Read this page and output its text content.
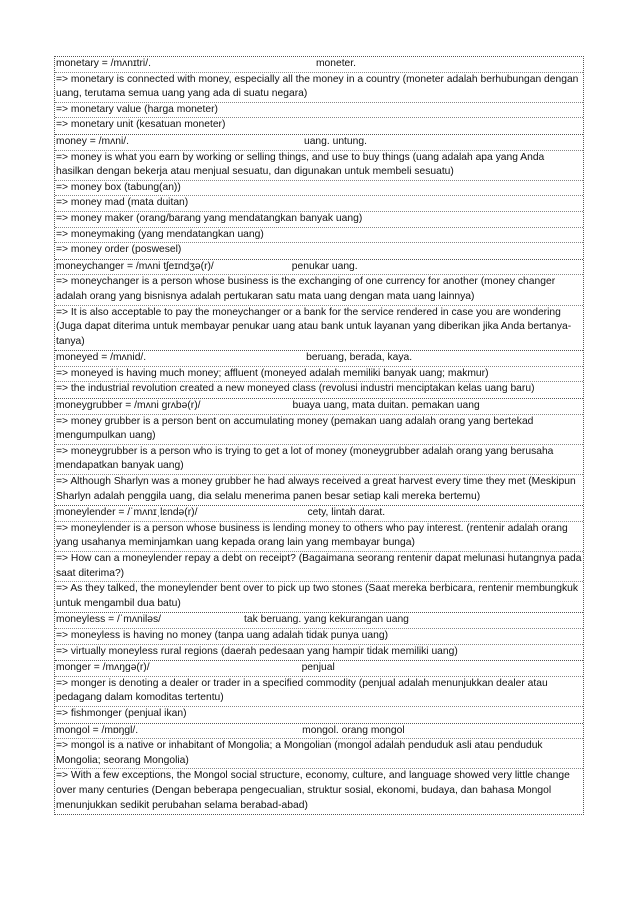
monetary = /mʌnɪtri/.	moneter.
=> monetary is connected with money, especially all the money in a country (moneter adalah berhubungan dengan uang, terutama semua uang yang ada di suatu negara)
=> monetary value (harga moneter)
=> monetary unit (kesatuan moneter)
money = /mʌni/.	uang. untung.
=> money is what you earn by working or selling things, and use to buy things (uang adalah apa yang Anda hasilkan dengan bekerja atau menjual sesuatu, dan digunakan untuk membeli sesuatu)
=> money box (tabung(an))
=> money mad (mata duitan)
=> money maker (orang/barang yang mendatangkan banyak uang)
=> moneymaking (yang mendatangkan uang)
=> money order (poswesel)
moneychanger = /mʌni tʃeɪndʒə(r)/	penukar uang.
=> moneychanger is a person whose business is the exchanging of one currency for another (money changer adalah orang yang bisnisnya adalah pertukaran satu mata uang dengan mata uang lainnya)
=> It is also acceptable to pay the moneychanger or a bank for the service rendered in case you are wondering (Juga dapat diterima untuk membayar penukar uang atau bank untuk layanan yang diberikan jika Anda bertanya-tanya)
moneyed = /mʌnid/.	beruang, berada, kaya.
=> moneyed is having much money; affluent (moneyed adalah memiliki banyak uang; makmur)
=> the industrial revolution created a new moneyed class (revolusi industri menciptakan kelas uang baru)
moneygrubber = /mʌni grʌbə(r)/	buaya uang, mata duitan. pemakan uang
=> money grubber is a person bent on accumulating money (pemakan uang adalah orang yang bertekad mengumpulkan uang)
=> moneygrubber is a person who is trying to get a lot of money (moneygrubber adalah orang yang berusaha mendapatkan banyak uang)
=> Although Sharlyn was a money grubber he had always received a great harvest every time they met (Meskipun Sharlyn adalah penggila uang, dia selalu menerima panen besar setiap kali mereka bertemu)
moneylender = /ˈmʌnɪˌlɛndə(r)/	cety, lintah darat.
=> moneylender is a person whose business is lending money to others who pay interest. (rentenir adalah orang yang usahanya meminjamkan uang kepada orang lain yang membayar bunga)
=> How can a moneylender repay a debt on receipt? (Bagaimana seorang rentenir dapat melunasi hutangnya pada saat diterima?)
=> As they talked, the moneylender bent over to pick up two stones (Saat mereka berbicara, rentenir membungkuk untuk mengambil dua batu)
moneyless = /ˈmʌniləs/	tak beruang. yang kekurangan uang
=> moneyless is having no money (tanpa uang adalah tidak punya uang)
=> virtually moneyless rural regions (daerah pedesaan yang hampir tidak memiliki uang)
monger = /mʌŋgə(r)/	penjual
=> monger is denoting a dealer or trader in a specified commodity (penjual adalah menunjukkan dealer atau pedagang dalam komoditas tertentu)
=> fishmonger (penjual ikan)
mongol = /mɒŋgl/.	mongol. orang mongol
=> mongol is a native or inhabitant of Mongolia; a Mongolian (mongol adalah penduduk asli atau penduduk Mongolia; seorang Mongolia)
=> With a few exceptions, the Mongol social structure, economy, culture, and language showed very little change over many centuries (Dengan beberapa pengecualian, struktur sosial, ekonomi, budaya, dan bahasa Mongol menunjukkan sedikit perubahan selama berabad-abad)
